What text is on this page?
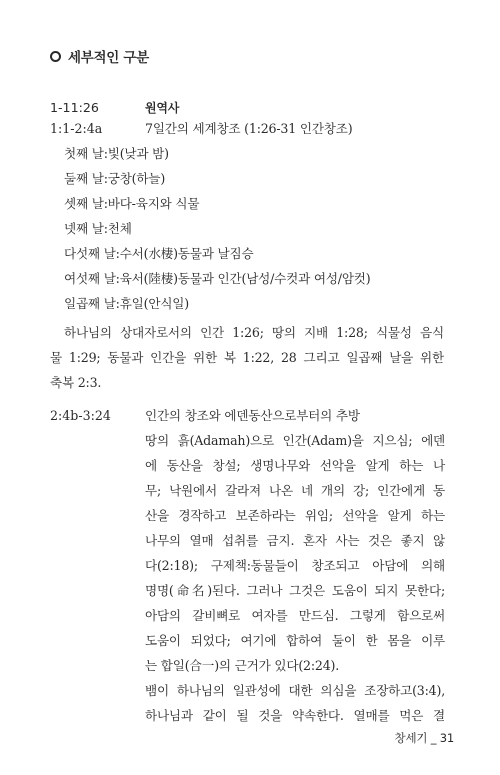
세부적인 구분
1-11:26	원역사
1:1-2:4a	7일간의 세계창조 (1:26-31 인간창조)
첫째 날:빛(낮과 밤)
둘째 날:궁창(하늘)
셋째 날:바다-육지와 식물
넷째 날:천체
다섯째 날:수서(水棲)동물과 날짐승
여섯째 날:육서(陸棲)동물과 인간(남성/수컷과 여성/암컷)
일곱째 날:휴일(안식일)
하나님의 상대자로서의 인간 1:26; 땅의 지배 1:28; 식물성 음식
물 1:29; 동물과 인간을 위한 복 1:22, 28 그리고 일곱째 날을 위한
축복 2:3.
2:4b-3:24	인간의 창조와 에덴동산으로부터의 추방
땅의 흙(Adamah)으로 인간(Adam)을 지으심; 에덴
에 동산을 창설; 생명나무와 선악을 알게 하는 나
무; 낙원에서 갈라져 나온 네 개의 강; 인간에게 동
산을 경작하고 보존하라는 위임; 선악을 알게 하는
나무의 열매 섭취를 금지. 혼자 사는 것은 좋지 않
다(2:18); 구제책:동물들이 창조되고 아담에 의해
명명(命名)된다. 그러나 그것은 도움이 되지 못한다;
아담의 갈비뼈로 여자를 만드심. 그렇게 함으로써
도움이 되었다; 여기에 합하여 둘이 한 몸을 이루
는 합일(合一)의 근거가 있다(2:24).
뱀이 하나님의 일관성에 대한 의심을 조장하고(3:4),
하나님과 같이 될 것을 약속한다. 열매를 먹은 결
창세기 _ 31
